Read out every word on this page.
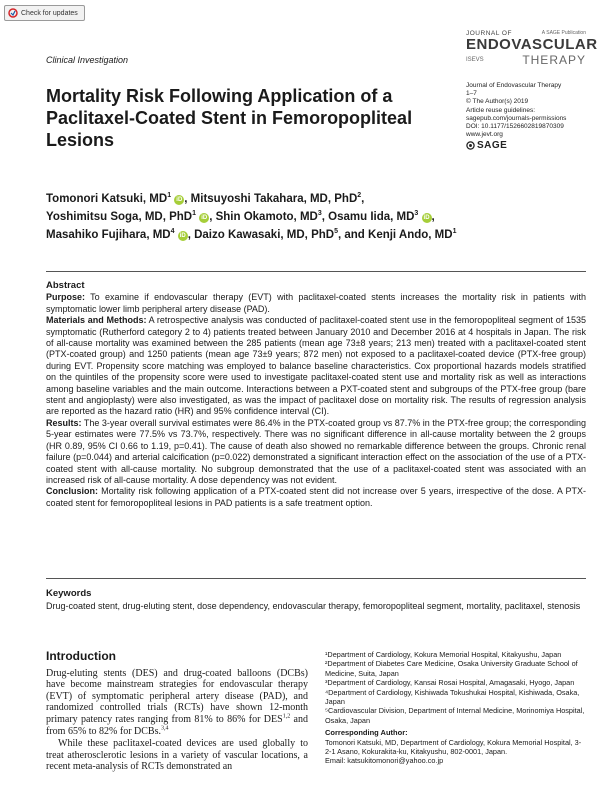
Check for updates
Clinical Investigation
A SAGE Publication
JOURNAL OF
ENDOVASCULAR
ISEVS	THERAPY
Journal of Endovascular Therapy
1–7
© The Author(s) 2019
Article reuse guidelines:
sagepub.com/journals-permissions
DOI: 10.1177/1526602819870309
www.jevt.org
SAGE
Mortality Risk Following Application of a Paclitaxel-Coated Stent in Femoropopliteal Lesions
Tomonori Katsuki, $MD^1$ iD , Mitsuyoshi Takahara, MD, PhD$^2$,
Yoshimitsu Soga, MD, PhD$^1$ iD , Shin Okamoto, $MD^3$, Osamu Iida, $MD^3$ iD ,
Masahiko Fujihara, $MD^4$ iD , Daizo Kawasaki, MD, PhD$^5$, and Kenji Ando, $MD^1$
Abstract

Purpose: To examine if endovascular therapy (EVT) with paclitaxel-coated stents increases the mortality risk in patients with symptomatic lower limb peripheral artery disease (PAD).

Materials and Methods: A retrospective analysis was conducted of paclitaxel-coated stent use in the femoropopliteal segment of 1535 symptomatic (Rutherford category 2 to 4) patients treated between January 2010 and December 2016 at 4 hospitals in Japan. The risk of all-cause mortality was examined between the 285 patients (mean age 73±8 years; 213 men) treated with a paclitaxel-coated stent (PTX-coated group) and 1250 patients (mean age 73±9 years; 872 men) not exposed to a paclitaxel-coated device (PTX-free group) during EVT. Propensity score matching was employed to balance baseline characteristics. Cox proportional hazards models stratified on the quintiles of the propensity score were used to investigate paclitaxel-coated stent use and mortality risk as well as interactions among baseline variables and the main outcome. Interactions between a PXT-coated stent and subgroups of the PTX-free group (bare stent and angioplasty) were also investigated, as was the impact of paclitaxel dose on mortality risk. The results of regression analysis are reported as the hazard ratio (HR) and 95% confidence interval (CI).

Results: The 3-year overall survival estimates were 86.4% in the PTX-coated group vs 87.7% in the PTX-free group; the corresponding 5-year estimates were 77.5% vs 73.7%, respectively. There was no significant difference in all-cause mortality between the 2 groups (HR 0.89, 95% CI 0.66 to 1.19, p=0.41). The cause of death also showed no remarkable difference between the groups. Chronic renal failure (p=0.044) and arterial calcification (p=0.022) demonstrated a significant interaction effect on the association of the use of a PTX-coated stent with all-cause mortality. No subgroup demonstrated that the use of a paclitaxel-coated stent was associated with an increased risk of all-cause mortality. A dose dependency was not evident.

Conclusion: Mortality risk following application of a PTX-coated stent did not increase over 5 years, irrespective of the dose. A PTX-coated stent for femoropopliteal lesions in PAD patients is a safe treatment option.

Keywords

Drug-coated stent, drug-eluting stent, dose dependency, endovascular therapy, femoropopliteal segment, mortality, paclitaxel, stenosis

Introduction

Drug-eluting stents (DES) and drug-coated balloons (DCBs) have become mainstream strategies for endovascular therapy (EVT) of symptomatic peripheral artery disease (PAD), and randomized controlled trials (RCTs) have shown 12-month primary patency rates ranging from 81% to 86% for DES$^{1,2}$ and from 65% to 82% for DCBs.$^{3,4}$

While these paclitaxel-coated devices are used globally to treat atherosclerotic lesions in a variety of vascular locations, a recent meta-analysis of RCTs demonstrated an

¹Department of Cardiology, Kokura Memorial Hospital, Kitakyushu, Japan

²Department of Diabetes Care Medicine, Osaka University Graduate School of Medicine, Suita, Japan

³Department of Cardiology, Kansai Rosai Hospital, Amagasaki, Hyogo, Japan

⁴Department of Cardiology, Kishiwada Tokushukai Hospital, Kishiwada, Osaka, Japan

⁵Cardiovascular Division, Department of Internal Medicine, Morinomiya Hospital, Osaka, Japan

Corresponding Author:

Tomonori Katsuki, MD, Department of Cardiology, Kokura Memorial Hospital, 3-2-1 Asano, Kokurakita-ku, Kitakyushu, 802-0001, Japan.

Email: katsukitomonori@yahoo.co.jp
